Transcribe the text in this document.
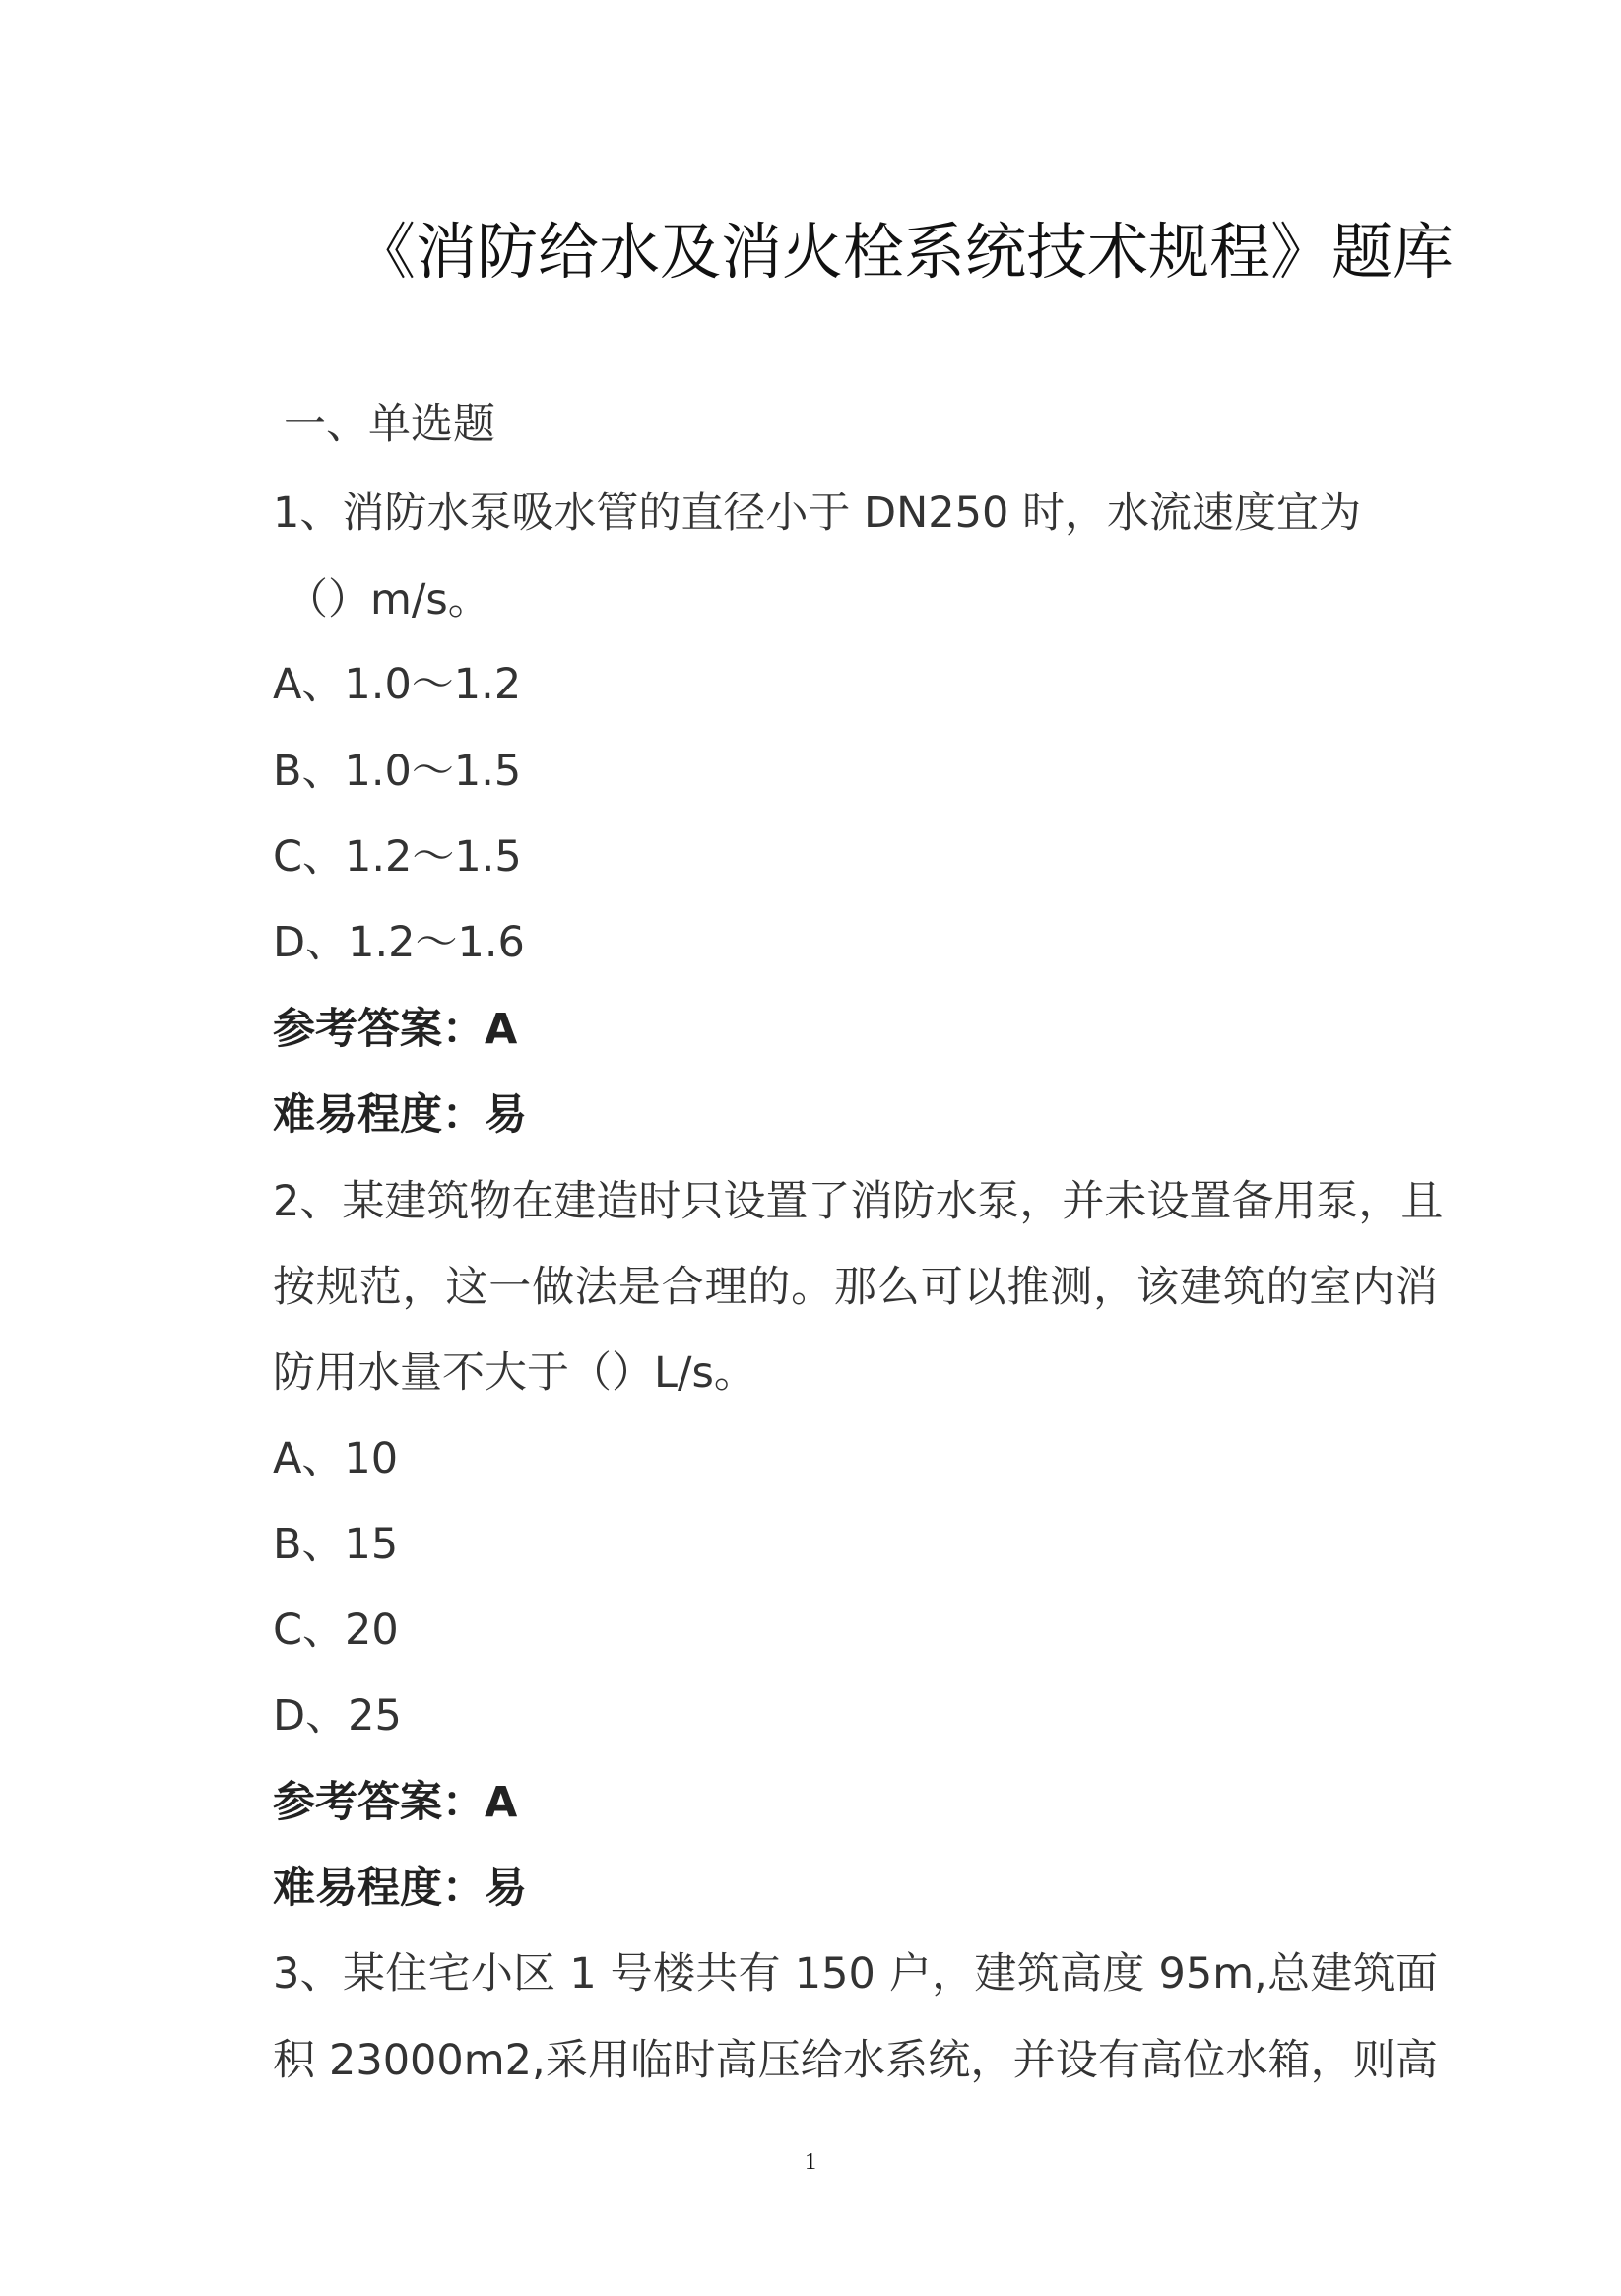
《消防给水及消火栓系统技术规程》题库
一、单选题
1、消防水泵吸水管的直径小于 DN250 时，水流速度宜为
（）m/s。
A、1.0～1.2
B、1.0～1.5
C、1.2～1.5
D、1.2～1.6
参考答案：A
难易程度：易
2、某建筑物在建造时只设置了消防水泵，并未设置备用泵，且
按规范，这一做法是合理的。那么可以推测，该建筑的室内消
防用水量不大于（）L/s。
A、10
B、15
C、20
D、25
参考答案：A
难易程度：易
3、某住宅小区 1 号楼共有 150 户，建筑高度 95m,总建筑面
积 23000m2,采用临时高压给水系统，并设有高位水箱，则高
1
